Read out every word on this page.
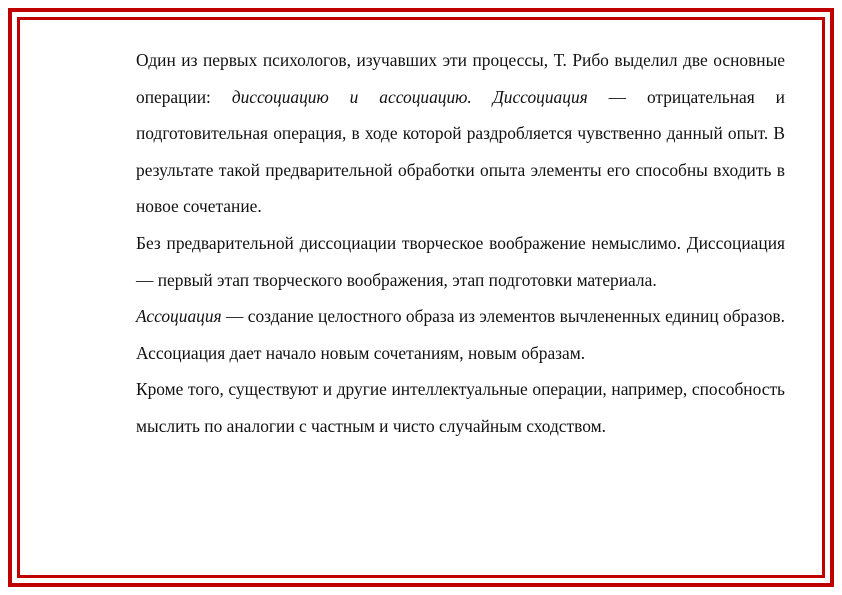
Один из первых психологов, изучавших эти процессы, Т. Рибо выделил две основные операции: диссоциацию и ассоциацию. Диссоциация — отрицательная и подготовительная операция, в ходе которой раздробляется чувственно данный опыт. В результате такой предварительной обработки опыта элементы его способны входить в новое сочетание.

Без предварительной диссоциации творческое воображение немыслимо. Диссоциация — первый этап творческого воображения, этап подготовки материала.

Ассоциация — создание целостного образа из элементов вычлененных единиц образов. Ассоциация дает начало новым сочетаниям, новым образам.

Кроме того, существуют и другие интеллектуальные операции, например, способность мыслить по аналогии с частным и чисто случайным сходством.
